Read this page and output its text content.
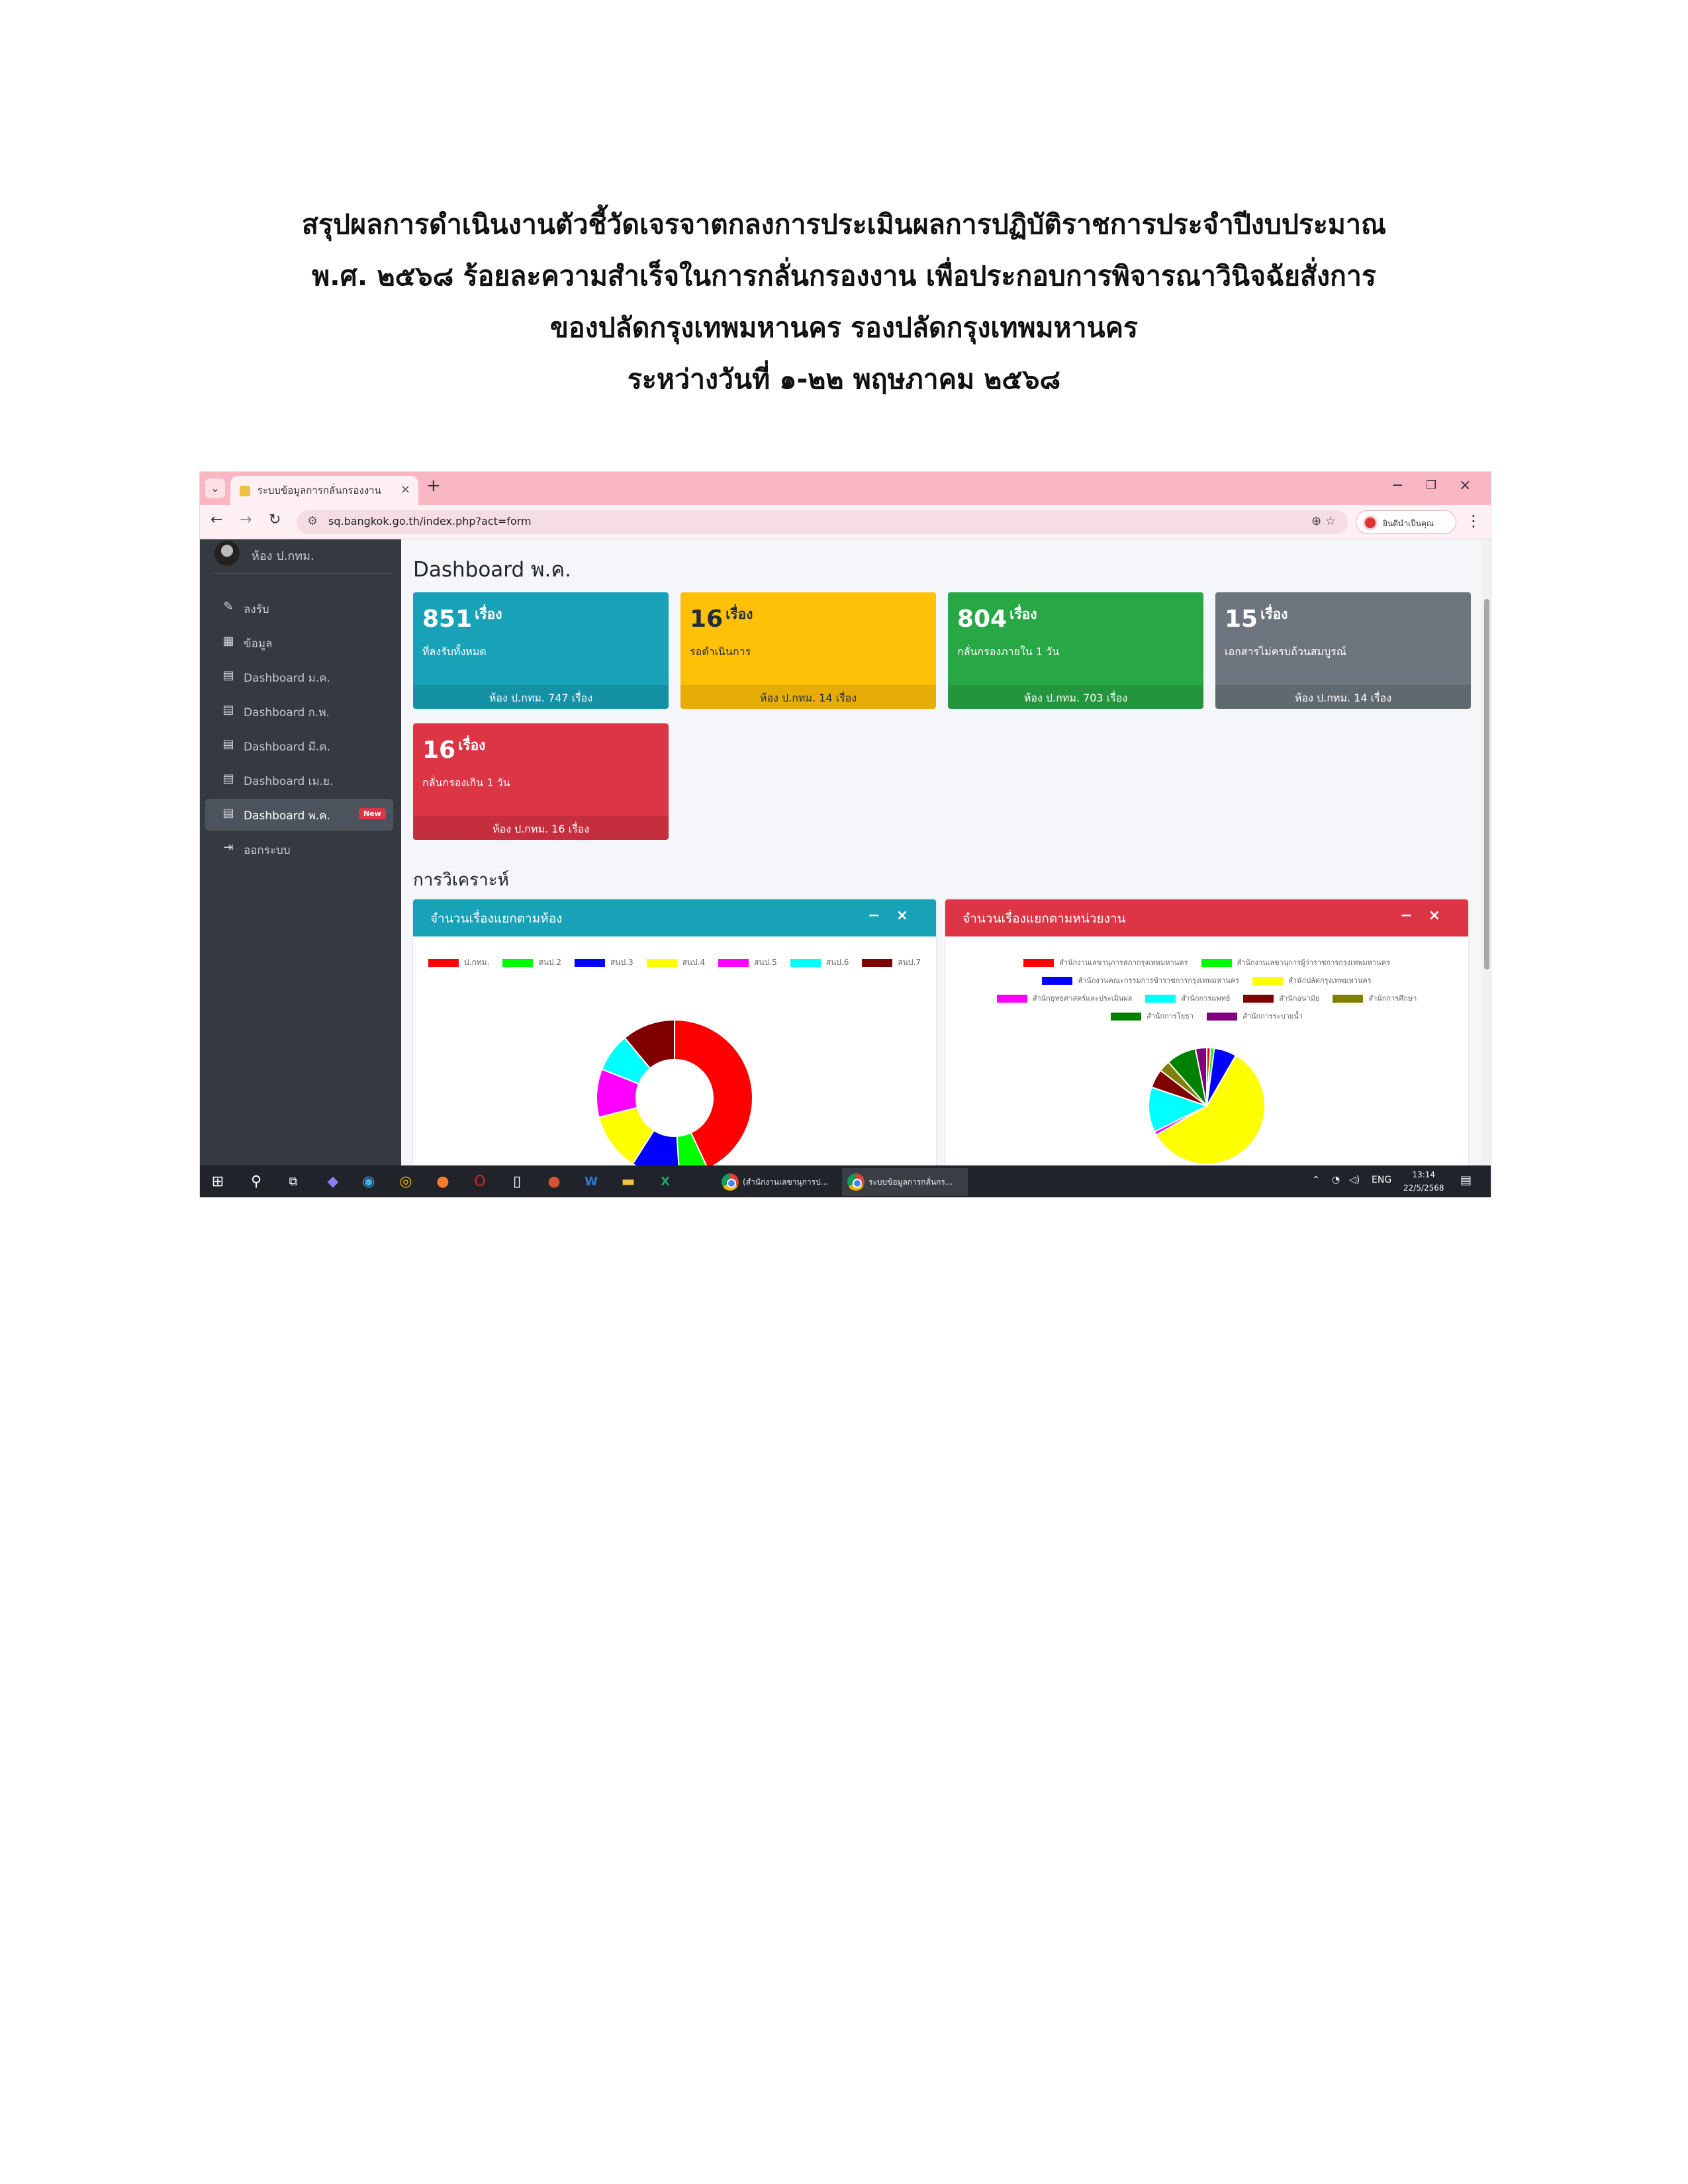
สรุปผลการดำเนินงานตัวชี้วัดเจรจาตกลงการประเมินผลการปฏิบัติราชการประจำปีงบประมาณ
พ.ศ. ๒๕๖๘ ร้อยละความสำเร็จในการกลั่นกรองงาน เพื่อประกอบการพิจารณาวินิจฉัยสั่งการ
ของปลัดกรุงเทพมหานคร รองปลัดกรุงเทพมหานคร
ระหว่างวันที่ ๑-๒๒ พฤษภาคม ๒๕๖๘
⌄	ระบบข้อมูลการกลั่นกรองงาน × +	− ❐ ×
← → ↻ ⚙ sq.bangkok.go.th/index.php?act=form	⊕ ☆	ยินดีนำเป็นคุณ	⋮
ห้อง ป.กทม.
✎ ลงรับ
▦ ข้อมูล
▤ Dashboard ม.ค.
▤ Dashboard ก.พ.
▤ Dashboard มี.ค.
▤ Dashboard เม.ย.
▤ Dashboard พ.ค.	New
⇥ ออกระบบ
Dashboard พ.ค.
851 $^{เรื่อง}$
ที่ลงรับทั้งหมด
ห้อง ป.กทม. 747 เรื่อง
16 $^{เรื่อง}$
รอดำเนินการ
ห้อง ป.กทม. 14 เรื่อง
804 $^{เรื่อง}$
กลั่นกรองภายใน 1 วัน
ห้อง ป.กทม. 703 เรื่อง
15 $^{เรื่อง}$
เอกสารไม่ครบถ้วนสมบูรณ์
ห้อง ป.กทม. 14 เรื่อง
16 $^{เรื่อง}$
กลั่นกรองเกิน 1 วัน
ห้อง ป.กทม. 16 เรื่อง
การวิเคราะห์
จำนวนเรื่องแยกตามห้อง	−×
ป.กทม.	สนป.2	สนป.3	สนป.4	สนป.5	สนป.6	สนป.7
จำนวนเรื่องแยกตามหน่วยงาน	−×
สำนักงานเลขานุการสภากรุงเทพมหานคร	สำนักงานเลขานุการผู้ว่าราชการกรุงเทพมหานครสำนักงานคณะกรรมการข้าราชการกรุงเทพมหานคร	สำนักปลัดกรุงเทพมหานครสำนักยุทธศาสตร์และประเมินผล	สำนักการแพทย์	สำนักอนามัย	สำนักการศึกษาสำนักการโยธา	สำนักการระบายน้ำ
⊞	⚲	⧉	◆ ◉ ◎ ● O	▯	●	W ▬	X	(สำนักงานเลขานุการป...	ระบบข้อมูลการกลั่นกร...	⌃ ◔ ◁) ENG	13:14
22/5/2568
▤
